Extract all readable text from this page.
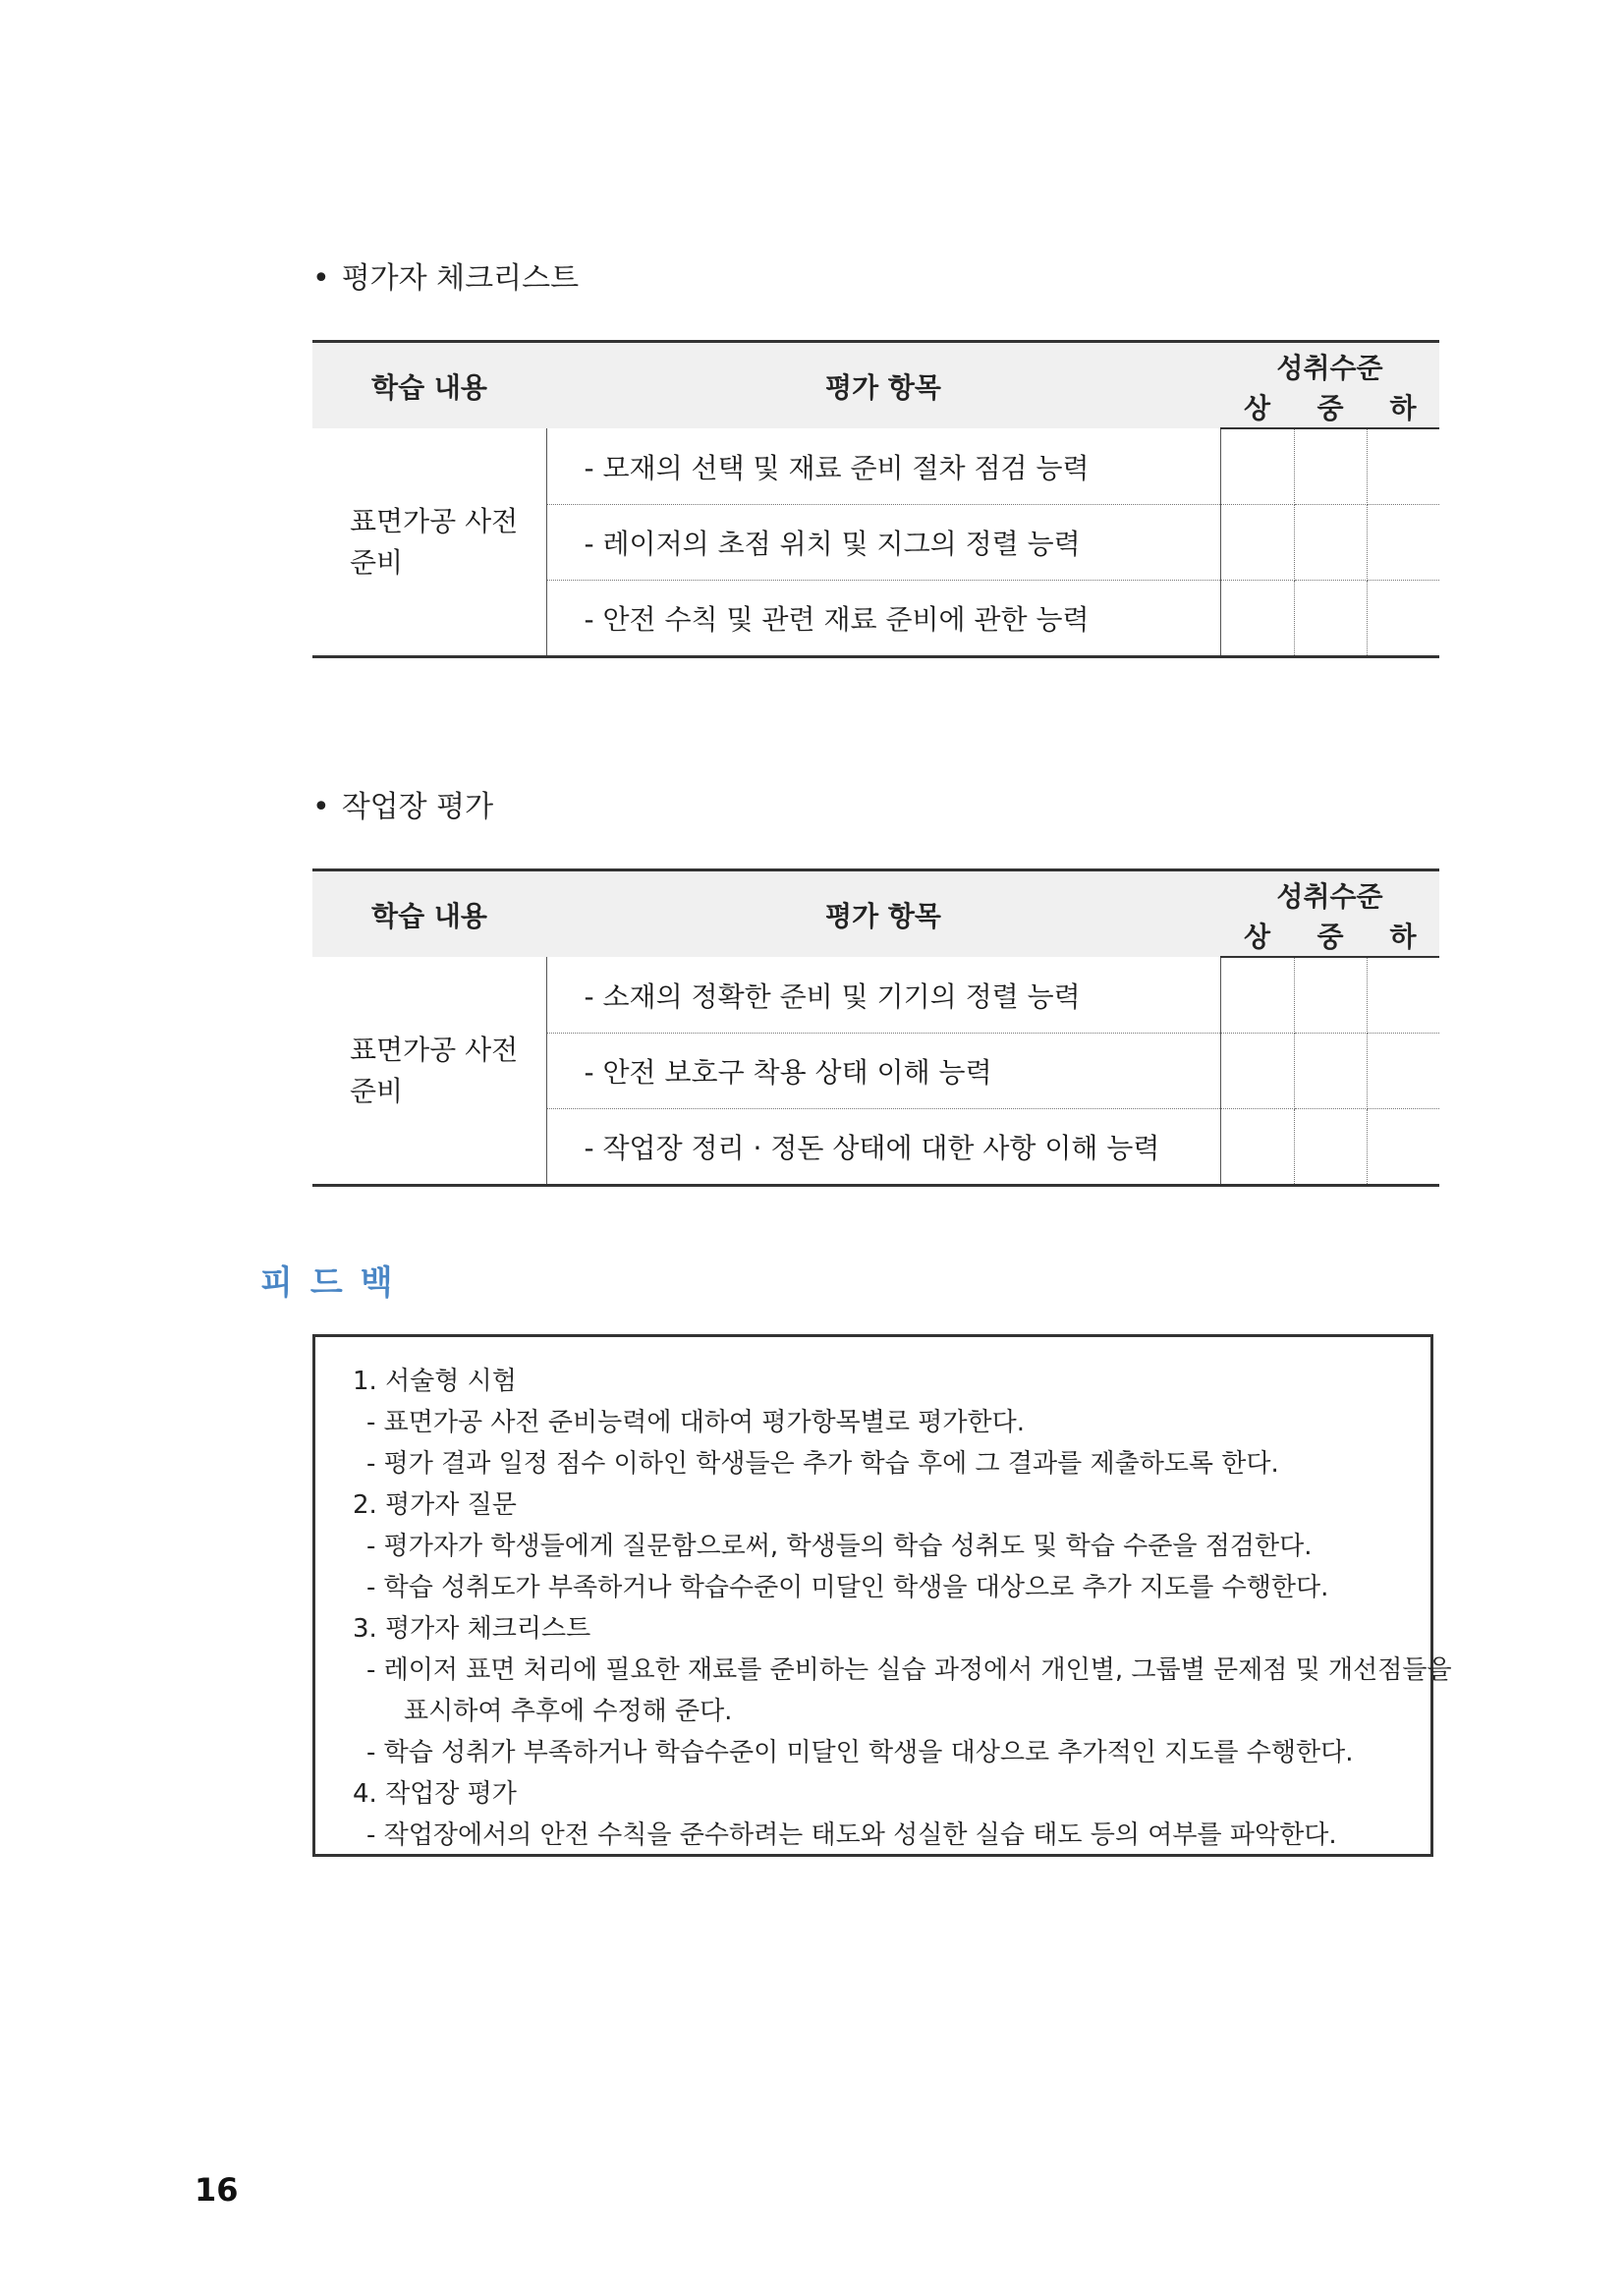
• 평가자 체크리스트
학습 내용	평가 항목	성취수준		
		상	중	하
표면가공 사전 준비	- 모재의 선택 및 재료 준비 절차 점검 능력			
	- 레이저의 초점 위치 및 지그의 정렬 능력			
	- 안전 수칙 및 관련 재료 준비에 관한 능력			
• 작업장 평가
학습 내용	평가 항목	성취수준		
		상	중	하
표면가공 사전 준비	- 소재의 정확한 준비 및 기기의 정렬 능력			
	- 안전 보호구 착용 상태 이해 능력			
	- 작업장 정리 · 정돈 상태에 대한 사항 이해 능력			
피드백
1. 서술형 시험
- 표면가공 사전 준비능력에 대하여 평가항목별로 평가한다.
- 평가 결과 일정 점수 이하인 학생들은 추가 학습 후에 그 결과를 제출하도록 한다.
2. 평가자 질문
- 평가자가 학생들에게 질문함으로써, 학생들의 학습 성취도 및 학습 수준을 점검한다.
- 학습 성취도가 부족하거나 학습수준이 미달인 학생을 대상으로 추가 지도를 수행한다.
3. 평가자 체크리스트
- 레이저 표면 처리에 필요한 재료를 준비하는 실습 과정에서 개인별, 그룹별 문제점 및 개선점들을
표시하여 추후에 수정해 준다.
- 학습 성취가 부족하거나 학습수준이 미달인 학생을 대상으로 추가적인 지도를 수행한다.
4. 작업장 평가
- 작업장에서의 안전 수칙을 준수하려는 태도와 성실한 실습 태도 등의 여부를 파악한다.
16
